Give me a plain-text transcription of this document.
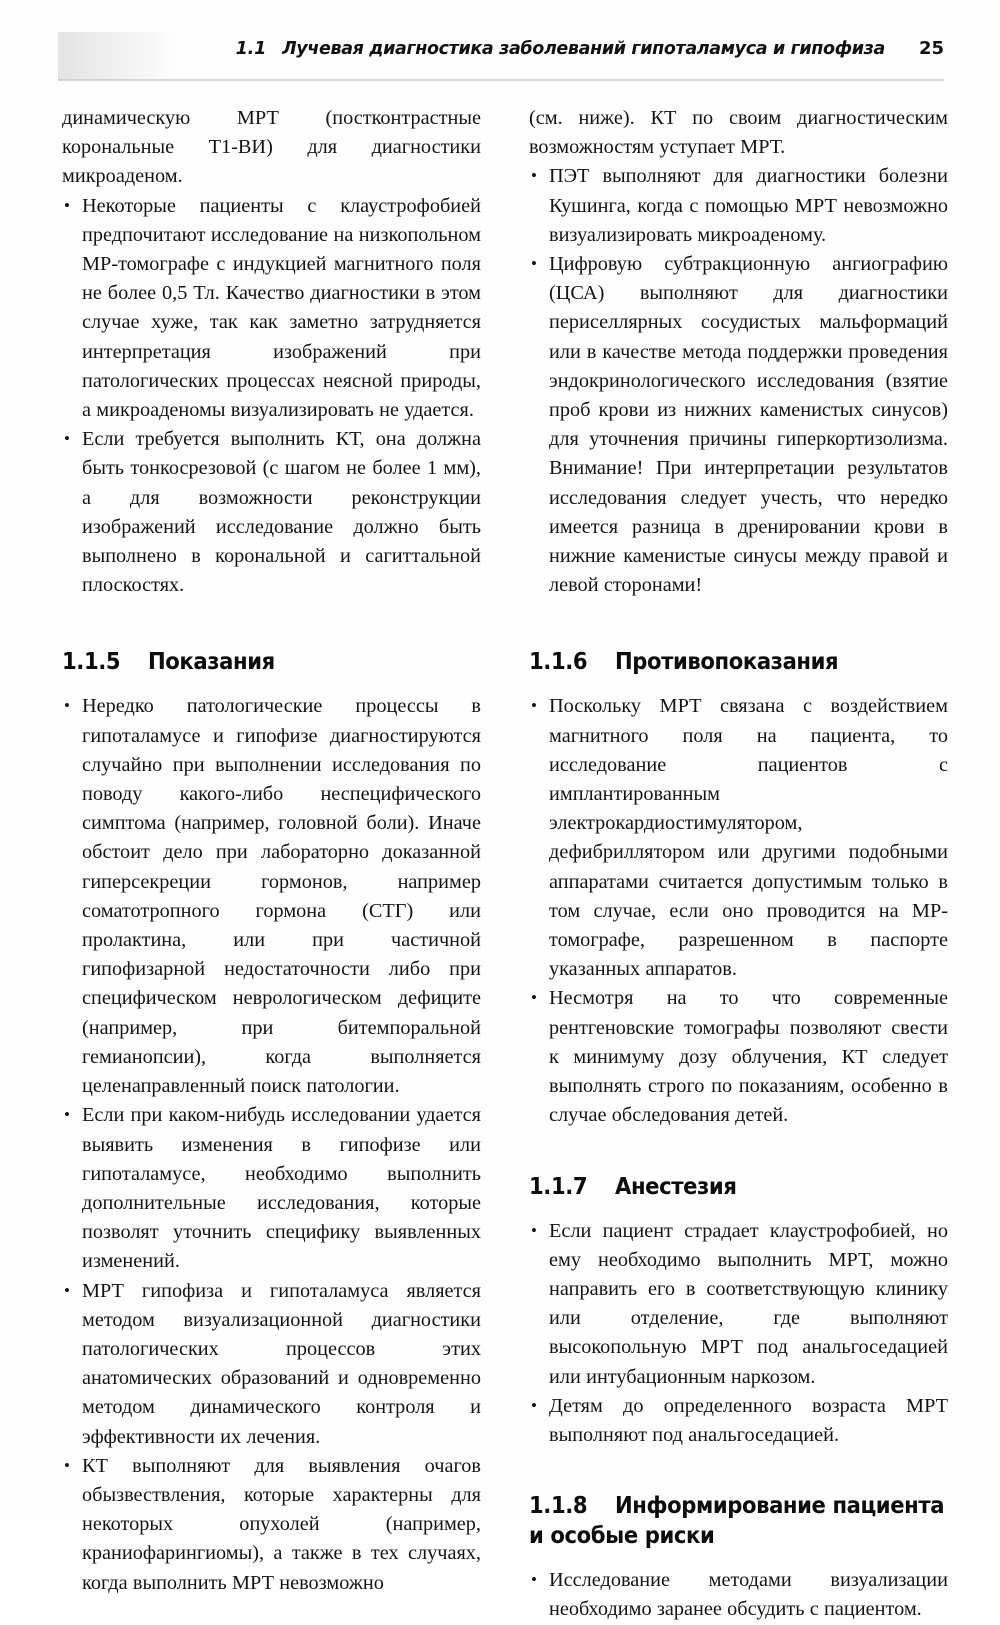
1.1 Лучевая диагностика заболеваний гипоталамуса и гипофиза 25

динамическую МРТ (постконтрастные корональные Т1-ВИ) для диагностики микроаденом.

• Некоторые пациенты с клаустрофобией предпочитают исследование на низкопольном МР-томографе с индукцией магнитного поля не более 0,5 Тл. Качество диагностики в этом случае хуже, так как заметно затрудняется интерпретация изображений при патологических процессах неясной природы, а микроаденомы визуализировать не удается.
• Если требуется выполнить КТ, она должна быть тонкосрезовой (с шагом не более 1 мм), а для возможности реконструкции изображений исследование должно быть выполнено в корональной и сагиттальной плоскостях.
1.1.5 Показания
• Нередко патологические процессы в гипоталамусе и гипофизе диагностируются случайно при выполнении исследования по поводу какого-либо неспецифического симптома (например, головной боли). Иначе обстоит дело при лабораторно доказанной гиперсекреции гормонов, например соматотропного гормона (СТГ) или пролактина, или при частичной гипофизарной недостаточности либо при специфическом неврологическом дефиците (например, при битемпоральной гемианопсии), когда выполняется целенаправленный поиск патологии.
• Если при каком-нибудь исследовании удается выявить изменения в гипофизе или гипоталамусе, необходимо выполнить дополнительные исследования, которые позволят уточнить специфику выявленных изменений.
• МРТ гипофиза и гипоталамуса является методом визуализационной диагностики патологических процессов этих анатомических образований и одновременно методом динамического контроля и эффективности их лечения.
• КТ выполняют для выявления очагов обызвествления, которые характерны для некоторых опухолей (например, краниофарингиомы), а также в тех случаях, когда выполнить МРТ невозможно

(см. ниже). КТ по своим диагностическим возможностям уступает МРТ.

• ПЭТ выполняют для диагностики болезни Кушинга, когда с помощью МРТ невозможно визуализировать микроаденому.
• Цифровую субтракционную ангиографию (ЦСА) выполняют для диагностики периселлярных сосудистых мальформаций или в качестве метода поддержки проведения эндокринологического исследования (взятие проб крови из нижних каменистых синусов) для уточнения причины гиперкортизолизма. Внимание! При интерпретации результатов исследования следует учесть, что нередко имеется разница в дренировании крови в нижние каменистые синусы между правой и левой сторонами!
1.1.6 Противопоказания
• Поскольку МРТ связана с воздействием магнитного поля на пациента, то исследование пациентов с имплантированным электрокардиостимулятором, дефибриллятором или другими подобными аппаратами считается допустимым только в том случае, если оно проводится на МР-томографе, разрешенном в паспорте указанных аппаратов.
• Несмотря на то что современные рентгеновские томографы позволяют свести к минимуму дозу облучения, КТ следует выполнять строго по показаниям, особенно в случае обследования детей.
1.1.7 Анестезия
• Если пациент страдает клаустрофобией, но ему необходимо выполнить МРТ, можно направить его в соответствующую клинику или отделение, где выполняют высокопольную МРТ под анальгоседацией или интубационным наркозом.
• Детям до определенного возраста МРТ выполняют под анальгоседацией.
1.1.8 Информирование пациента и особые риски
• Исследование методами визуализации необходимо заранее обсудить с пациентом.
